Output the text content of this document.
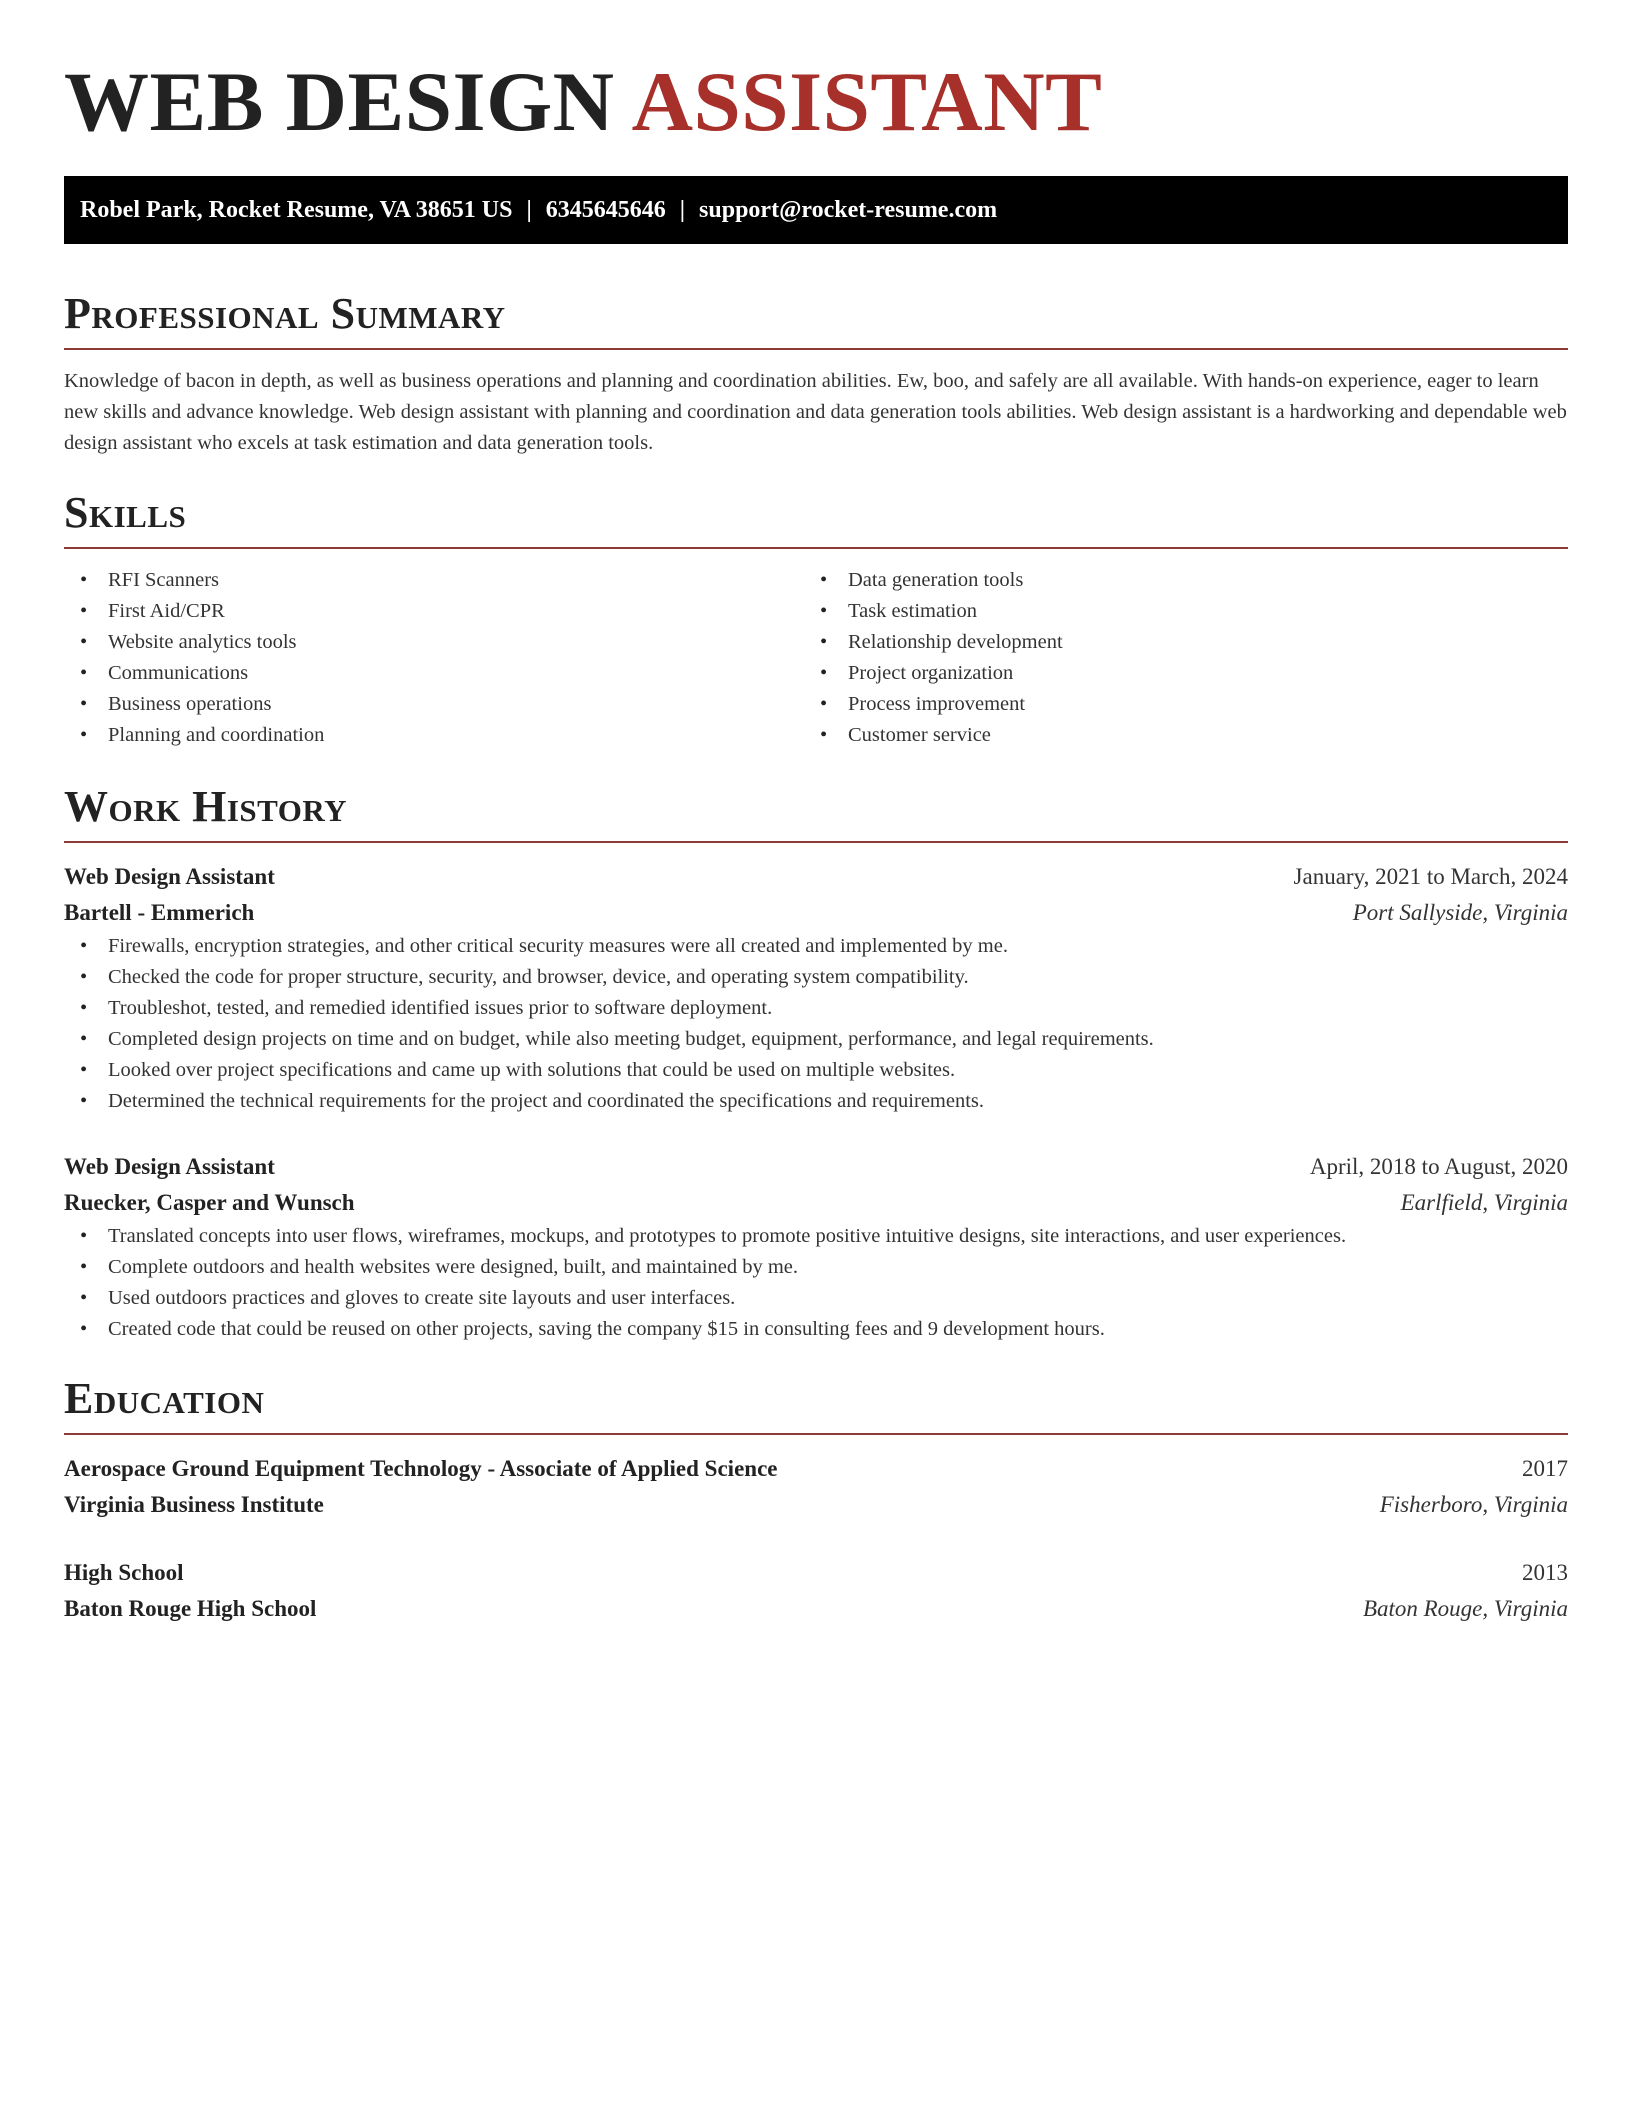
WEB DESIGN ASSISTANT
Robel Park, Rocket Resume, VA 38651 US | 6345645646 | support@rocket-resume.com
Professional Summary

Knowledge of bacon in depth, as well as business operations and planning and coordination abilities. Ew, boo, and safely are all available. With hands-on experience, eager to learn new skills and advance knowledge. Web design assistant with planning and coordination and data generation tools abilities. Web design assistant is a hardworking and dependable web design assistant who excels at task estimation and data generation tools.

Skills
• RFI Scanners
• First Aid/CPR
• Website analytics tools
• Communications
• Business operations
• Planning and coordination
• Data generation tools
• Task estimation
• Relationship development
• Project organization
• Process improvement
• Customer service
Work History
Web Design Assistant	January, 2021 to March, 2024
Bartell - Emmerich	Port Sallyside, Virginia
• Firewalls, encryption strategies, and other critical security measures were all created and implemented by me.
• Checked the code for proper structure, security, and browser, device, and operating system compatibility.
• Troubleshot, tested, and remedied identified issues prior to software deployment.
• Completed design projects on time and on budget, while also meeting budget, equipment, performance, and legal requirements.
• Looked over project specifications and came up with solutions that could be used on multiple websites.
• Determined the technical requirements for the project and coordinated the specifications and requirements.
Web Design Assistant	April, 2018 to August, 2020
Ruecker, Casper and Wunsch	Earlfield, Virginia
• Translated concepts into user flows, wireframes, mockups, and prototypes to promote positive intuitive designs, site interactions, and user experiences.
• Complete outdoors and health websites were designed, built, and maintained by me.
• Used outdoors practices and gloves to create site layouts and user interfaces.
• Created code that could be reused on other projects, saving the company $15 in consulting fees and 9 development hours.
Education
Aerospace Ground Equipment Technology - Associate of Applied Science	2017
Virginia Business Institute	Fisherboro, Virginia
High School	2013
Baton Rouge High School	Baton Rouge, Virginia
